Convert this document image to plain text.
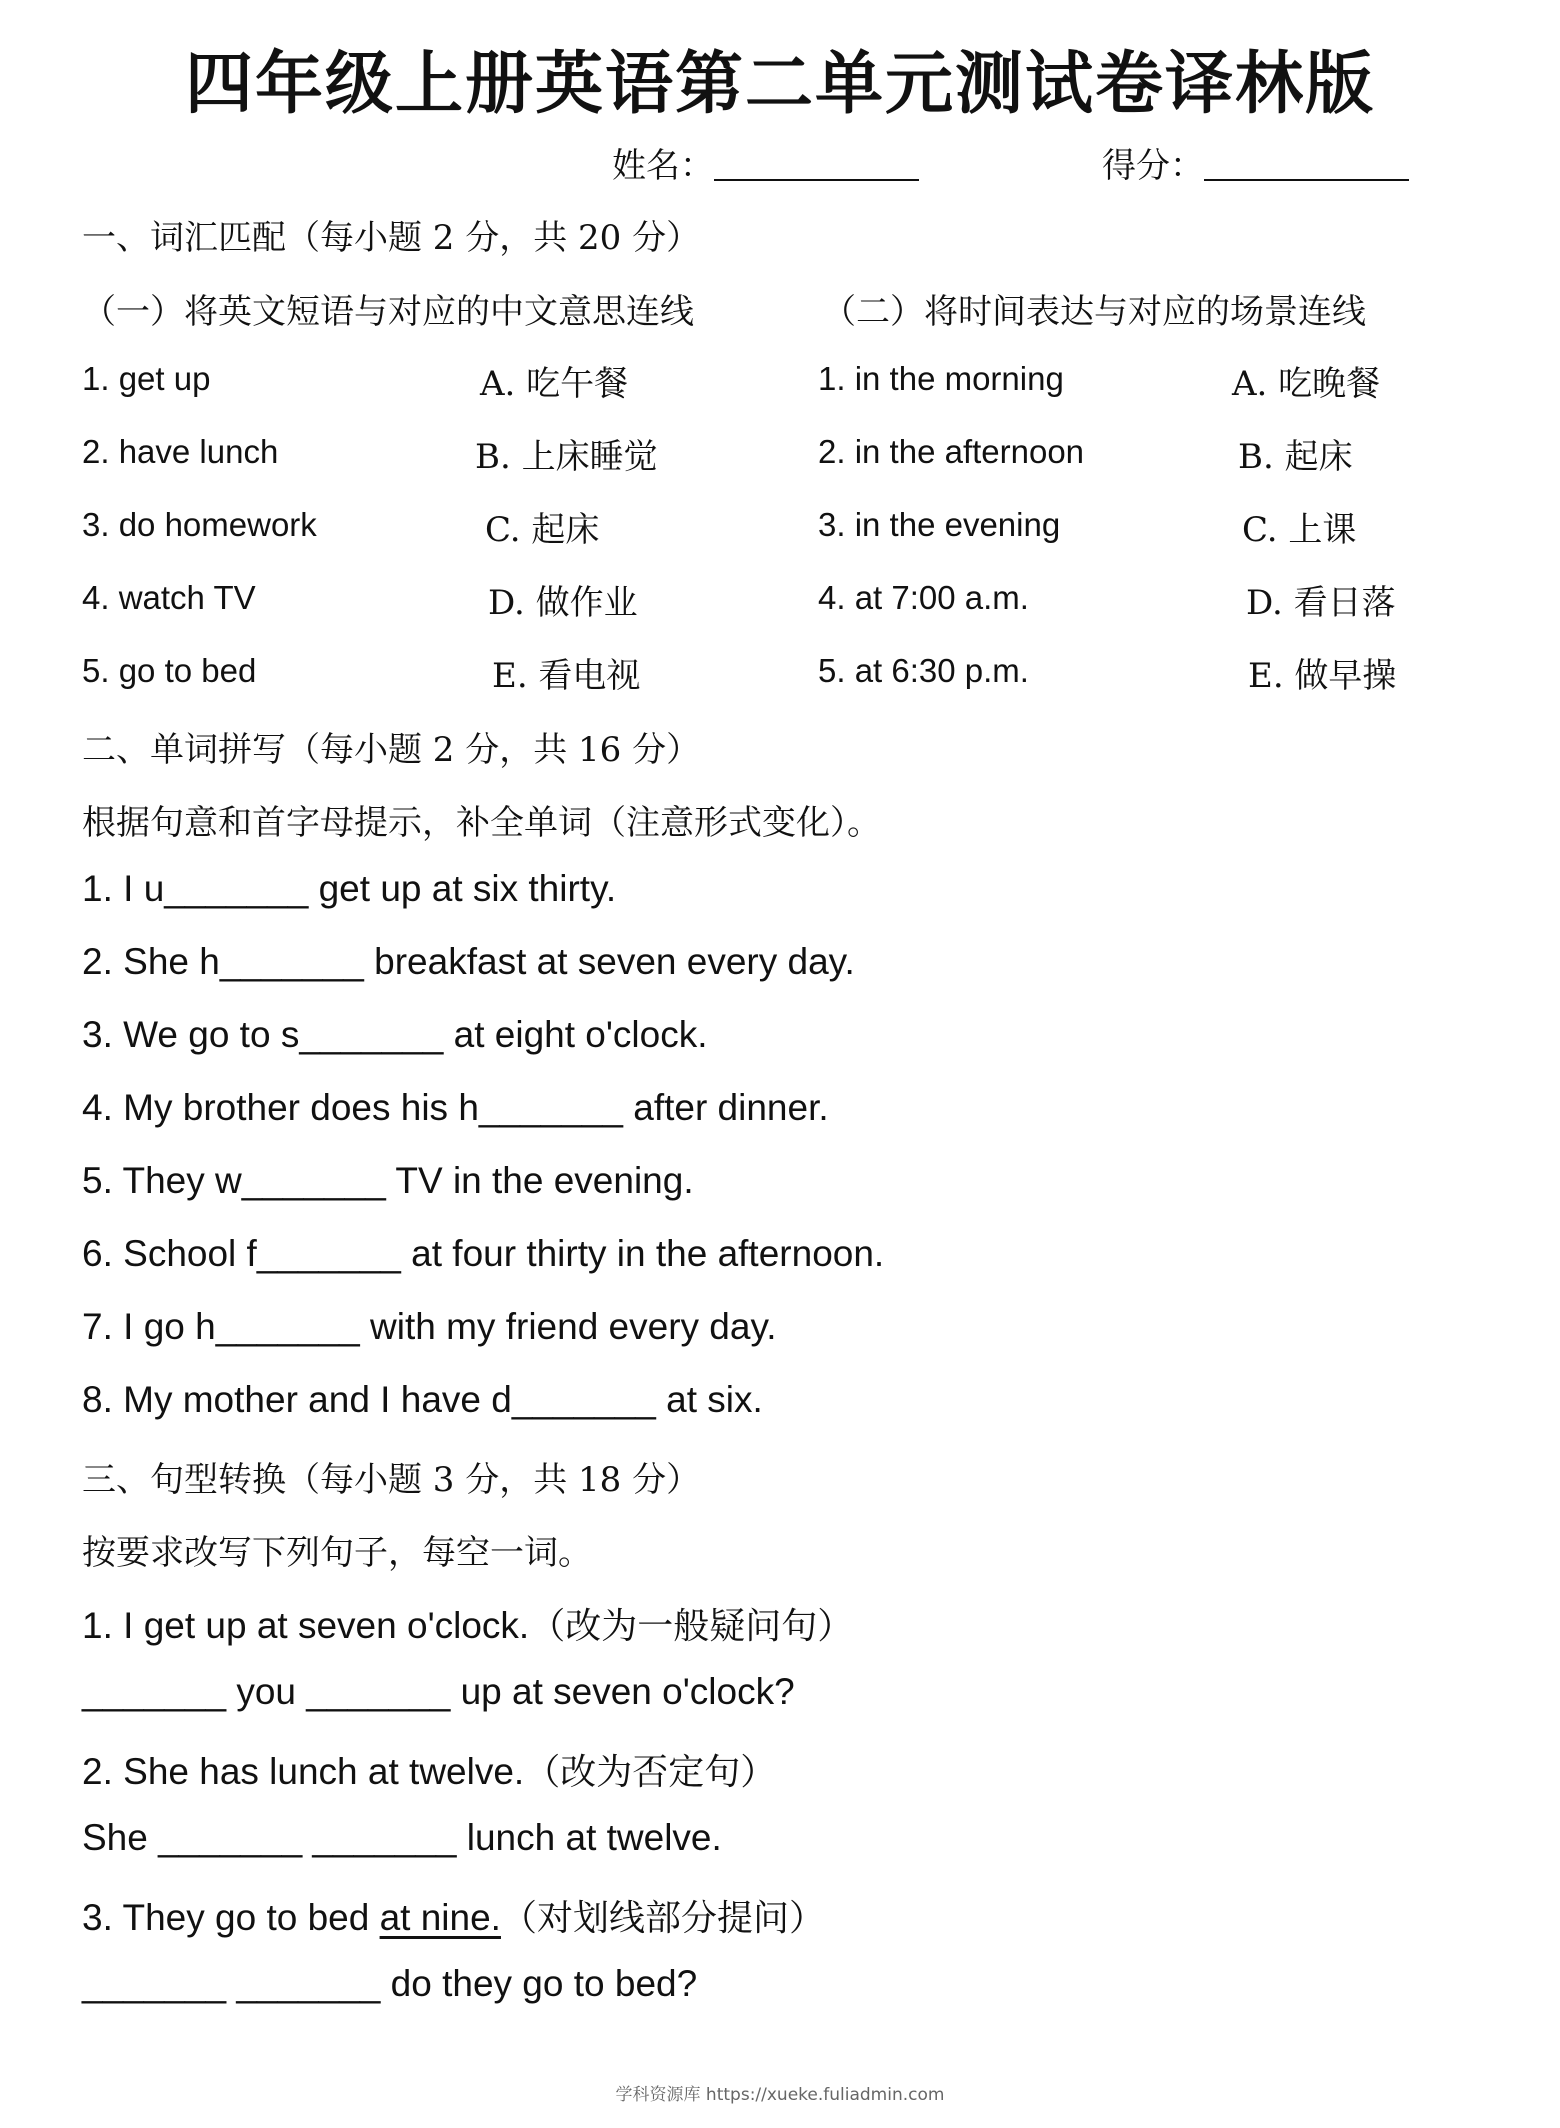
四年级上册英语第二单元测试卷译林版
姓名：	得分：
一、词汇匹配（每小题 2 分，共 20 分）
（一）将英文短语与对应的中文意思连线	（二）将时间表达与对应的场景连线
1. get up
2. have lunch
3. do homework
4. watch TV
5. go to bed
A. 吃午餐
B. 上床睡觉
C. 起床
D. 做作业
E. 看电视
1. in the morning
2. in the afternoon
3. in the evening
4. at 7:00 a.m.
5. at 6:30 p.m.
A. 吃晚餐
B. 起床
C. 上课
D. 看日落
E. 做早操
二、单词拼写（每小题 2 分，共 16 分）
根据句意和首字母提示，补全单词（注意形式变化）。
1. I u_______ get up at six thirty.
2. She h_______ breakfast at seven every day.
3. We go to s_______ at eight o'clock.
4. My brother does his h_______ after dinner.
5. They w_______ TV in the evening.
6. School f_______ at four thirty in the afternoon.
7. I go h_______ with my friend every day.
8. My mother and I have d_______ at six.
三、句型转换（每小题 3 分，共 18 分）
按要求改写下列句子，每空一词。
1. I get up at seven o'clock.（改为一般疑问句）
_______ you _______ up at seven o'clock?
2. She has lunch at twelve.（改为否定句）
She _______ _______ lunch at twelve.
3. They go to bed at nine.（对划线部分提问）
_______ _______ do they go to bed?
学科资源库 https://xueke.fuliadmin.com
